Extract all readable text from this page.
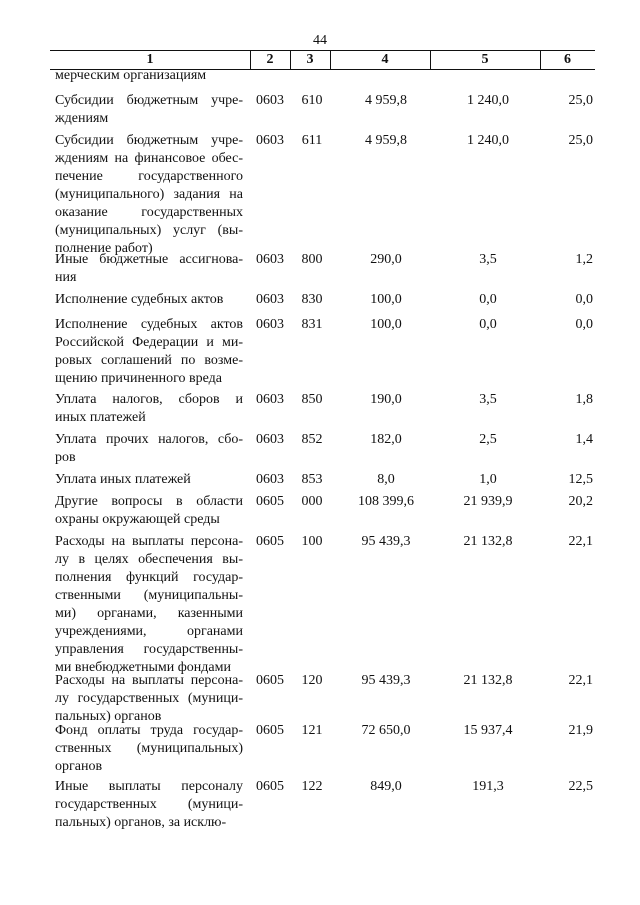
44
1	2	3	4	5	6
мерческим организациям
Субсидии бюджетным учре-
ждениям
0603	610	4 959,8	1 240,0	25,0
Субсидии бюджетным учре-
ждениям на финансовое обес-
печение государственного
(муниципального) задания на
оказание государственных
(муниципальных) услуг (вы-
полнение работ)
0603	611	4 959,8	1 240,0	25,0
Иные бюджетные ассигнова-
ния
0603	800	290,0	3,5	1,2
Исполнение судебных актов	0603	830	100,0	0,0	0,0
Исполнение судебных актов
Российской Федерации и ми-
ровых соглашений по возме-
щению причиненного вреда
0603	831	100,0	0,0	0,0
Уплата налогов, сборов и
иных платежей
0603	850	190,0	3,5	1,8
Уплата прочих налогов, сбо-
ров
0603	852	182,0	2,5	1,4
Уплата иных платежей	0603	853	8,0	1,0	12,5
Другие вопросы в области
охраны окружающей среды
0605	000	108 399,6	21 939,9	20,2
Расходы на выплаты персона-
лу в целях обеспечения вы-
полнения функций государ-
ственными (муниципальны-
ми) органами, казенными
учреждениями, органами
управления государственны-
ми внебюджетными фондами
0605	100	95 439,3	21 132,8	22,1
Расходы на выплаты персона-
лу государственных (муници-
пальных) органов
0605	120	95 439,3	21 132,8	22,1
Фонд оплаты труда государ-
ственных (муниципальных)
органов
0605	121	72 650,0	15 937,4	21,9
Иные выплаты персоналу
государственных (муници-
пальных) органов, за исклю-
0605	122	849,0	191,3	22,5
